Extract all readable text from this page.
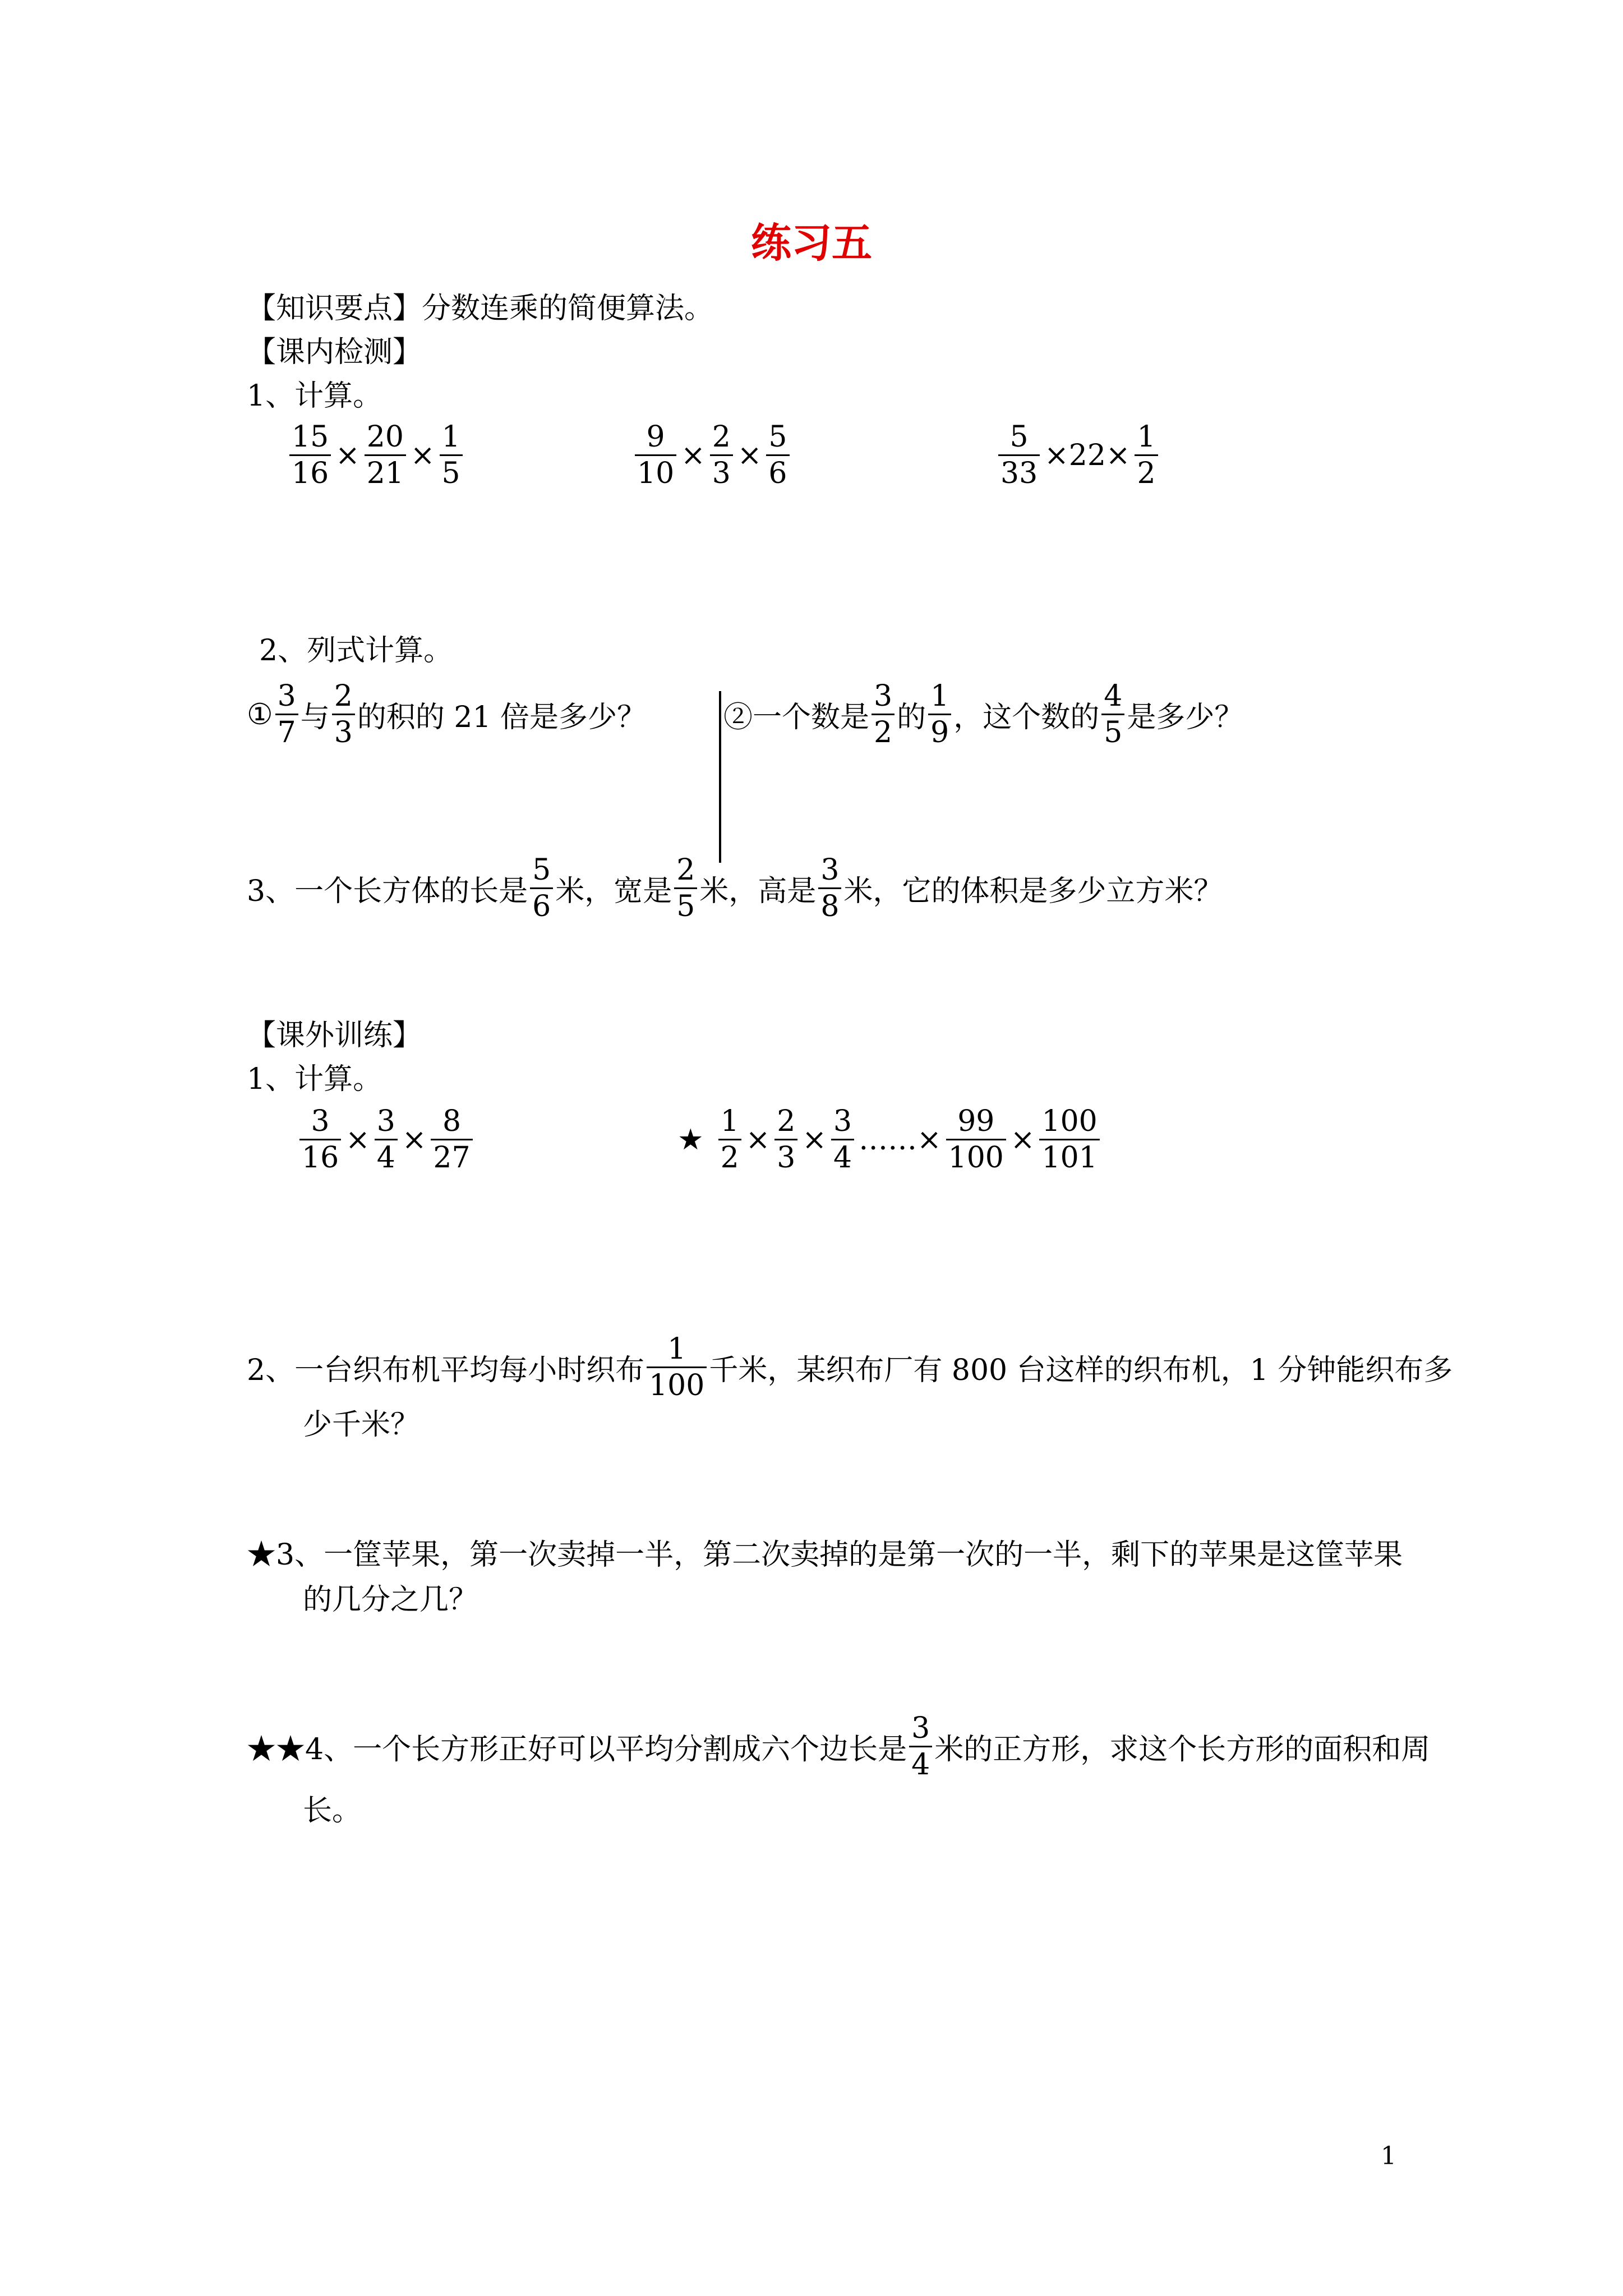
练习五
【知识要点】分数连乘的简便算法。
【课内检测】
1、计算。
$\frac{15}{16} \times \frac{20}{21} \times \frac{1}{5}$	$\frac{9}{10} \times \frac{2}{3} \times \frac{5}{6}$	$\frac{5}{33} \times 22\times \frac{1}{2}$
2、列式计算。
① $\frac{3}{7}$ 与 $\frac{2}{3}$ 的积的 21 倍是多少？	②一个数是 $\frac{3}{2}$ 的 $\frac{1}{9}$ ，这个数的 $\frac{4}{5}$ 是多少？
3、一个长方体的长是 $\frac{5}{6}$ 米，宽是 $\frac{2}{5}$ 米，高是 $\frac{3}{8}$ 米，它的体积是多少立方米？
【课外训练】
1、计算。
$\frac{3}{16} \times \frac{3}{4} \times \frac{8}{27}$	★ $\frac{1}{2} \times \frac{2}{3} \times \frac{3}{4}$ ……× $\frac{99}{100} \times \frac{100}{101}$
2、一台织布机平均每小时织布 $\frac{1}{100}$ 千米，某织布厂有 800 台这样的织布机，1 分钟能织布多
少千米？
★3、一筐苹果，第一次卖掉一半，第二次卖掉的是第一次的一半，剩下的苹果是这筐苹果
的几分之几？
★★4、一个长方形正好可以平均分割成六个边长是 $\frac{3}{4}$ 米的正方形，求这个长方形的面积和周
长。
1
